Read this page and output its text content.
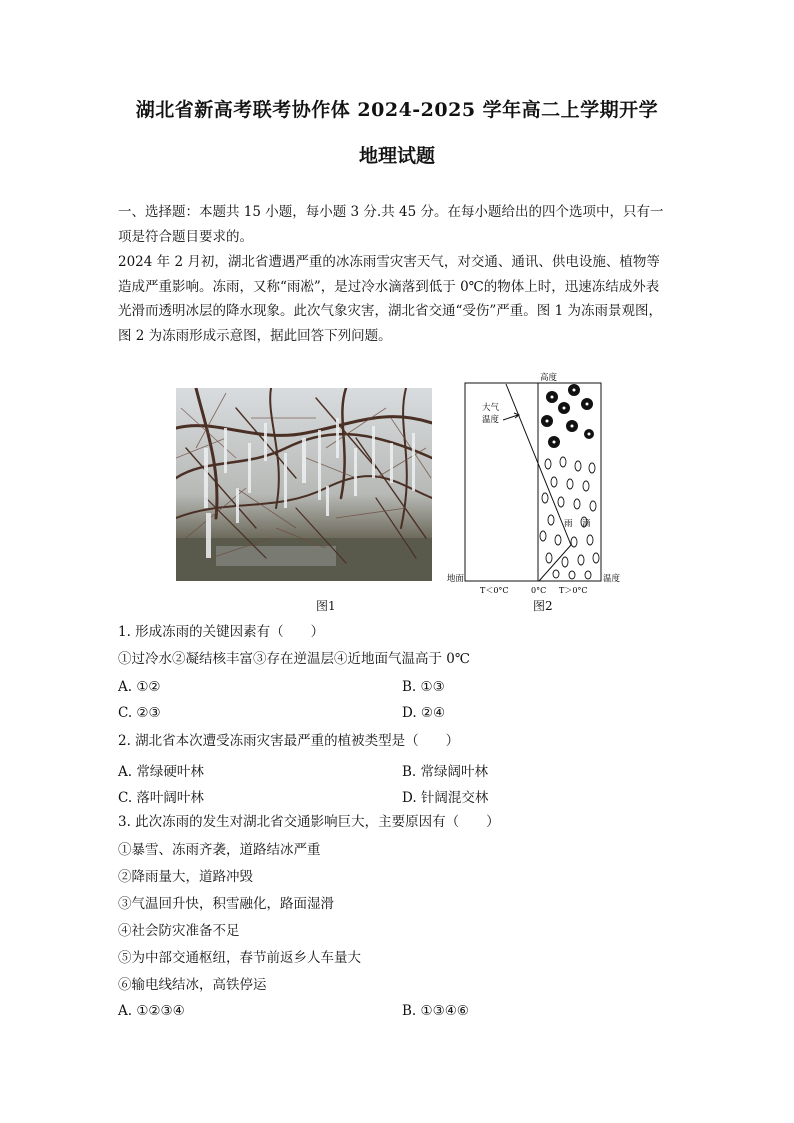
湖北省新高考联考协作体 2024-2025 学年高二上学期开学
地理试题
一、选择题：本题共 15 小题，每小题 3 分.共 45 分。在每小题给出的四个选项中，只有一
项是符合题目要求的。
2024 年 2 月初，湖北省遭遇严重的冰冻雨雪灾害天气，对交通、通讯、供电设施、植物等
造成严重影响。冻雨，又称“雨凇”，是过冷水滴落到低于 0℃的物体上时，迅速冻结成外表
光滑而透明冰层的降水现象。此次气象灾害，湖北省交通“受伤”严重。图 1 为冻雨景观图，
图 2 为冻雨形成示意图，据此回答下列问题。
图1
高度
大气
温度
雨 滴
地面	温度
T＜0°C	0°C T＞0°C
图2
1. 形成冻雨的关键因素有（　　）
①过冷水②凝结核丰富③存在逆温层④近地面气温高于 0℃
A. ①②	B. ①③
C. ②③	D. ②④
2. 湖北省本次遭受冻雨灾害最严重的植被类型是（　　）
A. 常绿硬叶林	B. 常绿阔叶林
C. 落叶阔叶林	D. 针阔混交林
3. 此次冻雨的发生对湖北省交通影响巨大，主要原因有（　　）
①暴雪、冻雨齐袭，道路结冰严重
②降雨量大，道路冲毁
③气温回升快，积雪融化，路面湿滑
④社会防灾准备不足
⑤为中部交通枢纽，春节前返乡人车量大
⑥输电线结冰，高铁停运
A. ①②③④	B. ①③④⑥
